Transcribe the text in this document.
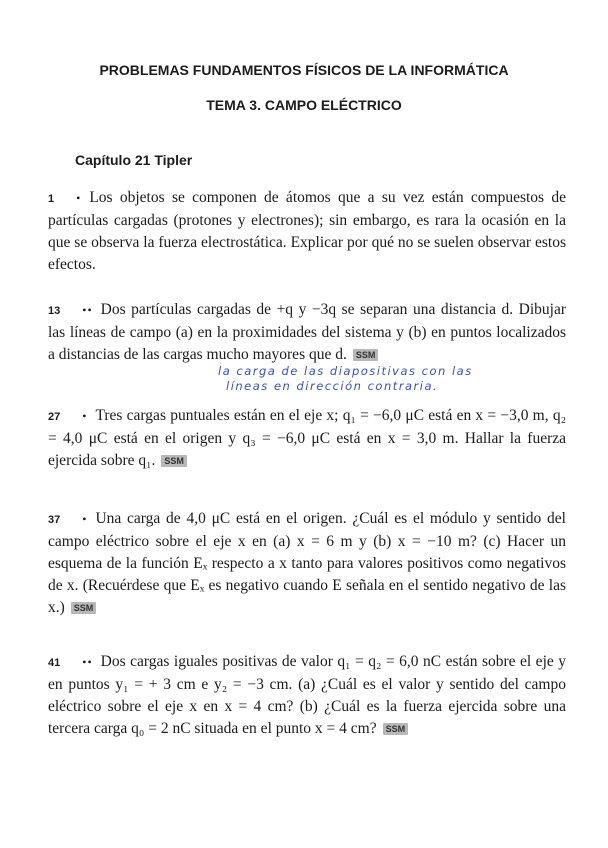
PROBLEMAS FUNDAMENTOS FÍSICOS DE LA INFORMÁTICA
TEMA 3. CAMPO ELÉCTRICO
Capítulo 21 Tipler
1 • Los objetos se componen de átomos que a su vez están compuestos de partículas cargadas (protones y electrones); sin embargo, es rara la ocasión en la que se observa la fuerza electrostática. Explicar por qué no se suelen observar estos efectos.
13 •• Dos partículas cargadas de +q y −3q se separan una distancia d. Dibujar las líneas de campo (a) en la proximidades del sistema y (b) en puntos localizados a distancias de las cargas mucho mayores que d. SSM
la carga de las diapositivas con las
líneas en dirección contraria.
27 • Tres cargas puntuales están en el eje x; q₁ = −6,0 μC está en x = −3,0 m, q₂ = 4,0 μC está en el origen y q₃ = −6,0 μC está en x = 3,0 m. Hallar la fuerza ejercida sobre q₁. SSM
37 • Una carga de 4,0 μC está en el origen. ¿Cuál es el módulo y sentido del campo eléctrico sobre el eje x en (a) x = 6 m y (b) x = −10 m? (c) Hacer un esquema de la función Eₓ respecto a x tanto para valores positivos como negativos de x. (Recuérdese que Eₓ es negativo cuando E señala en el sentido negativo de las x.) SSM
41 •• Dos cargas iguales positivas de valor q₁ = q₂ = 6,0 nC están sobre el eje y en puntos y₁ = + 3 cm e y₂ = −3 cm. (a) ¿Cuál es el valor y sentido del campo eléctrico sobre el eje x en x = 4 cm? (b) ¿Cuál es la fuerza ejercida sobre una tercera carga q₀ = 2 nC situada en el punto x = 4 cm? SSM
